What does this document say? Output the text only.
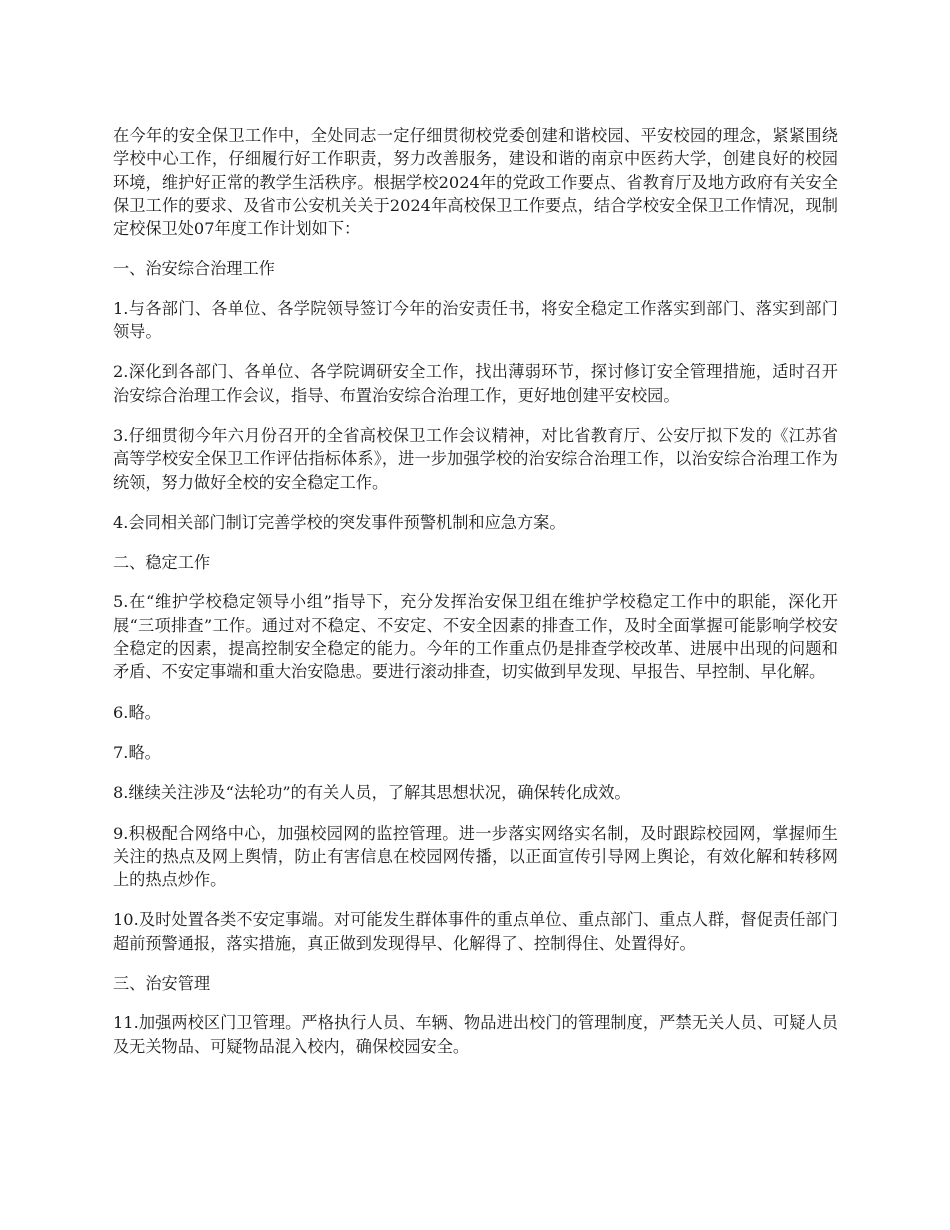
在今年的安全保卫工作中，全处同志一定仔细贯彻校党委创建和谐校园、平安校园的理念，紧紧围绕学校中心工作，仔细履行好工作职责，努力改善服务，建设和谐的南京中医药大学，创建良好的校园环境，维护好正常的教学生活秩序。根据学校2024年的党政工作要点、省教育厅及地方政府有关安全保卫工作的要求、及省市公安机关关于2024年高校保卫工作要点，结合学校安全保卫工作情况，现制定校保卫处07年度工作计划如下：

一、治安综合治理工作

1.与各部门、各单位、各学院领导签订今年的治安责任书，将安全稳定工作落实到部门、落实到部门领导。

2.深化到各部门、各单位、各学院调研安全工作，找出薄弱环节，探讨修订安全管理措施，适时召开治安综合治理工作会议，指导、布置治安综合治理工作，更好地创建平安校园。

3.仔细贯彻今年六月份召开的全省高校保卫工作会议精神，对比省教育厅、公安厅拟下发的《江苏省高等学校安全保卫工作评估指标体系》，进一步加强学校的治安综合治理工作，以治安综合治理工作为统领，努力做好全校的安全稳定工作。

4.会同相关部门制订完善学校的突发事件预警机制和应急方案。

二、稳定工作

5.在“维护学校稳定领导小组”指导下，充分发挥治安保卫组在维护学校稳定工作中的职能，深化开展“三项排查”工作。通过对不稳定、不安定、不安全因素的排查工作，及时全面掌握可能影响学校安全稳定的因素，提高控制安全稳定的能力。今年的工作重点仍是排查学校改革、进展中出现的问题和矛盾、不安定事端和重大治安隐患。要进行滚动排查，切实做到早发现、早报告、早控制、早化解。

6.略。

7.略。

8.继续关注涉及“法轮功”的有关人员，了解其思想状况，确保转化成效。

9.积极配合网络中心，加强校园网的监控管理。进一步落实网络实名制，及时跟踪校园网，掌握师生关注的热点及网上舆情，防止有害信息在校园网传播，以正面宣传引导网上舆论，有效化解和转移网上的热点炒作。

10.及时处置各类不安定事端。对可能发生群体事件的重点单位、重点部门、重点人群，督促责任部门超前预警通报，落实措施，真正做到发现得早、化解得了、控制得住、处置得好。

三、治安管理

11.加强两校区门卫管理。严格执行人员、车辆、物品进出校门的管理制度，严禁无关人员、可疑人员及无关物品、可疑物品混入校内，确保校园安全。
